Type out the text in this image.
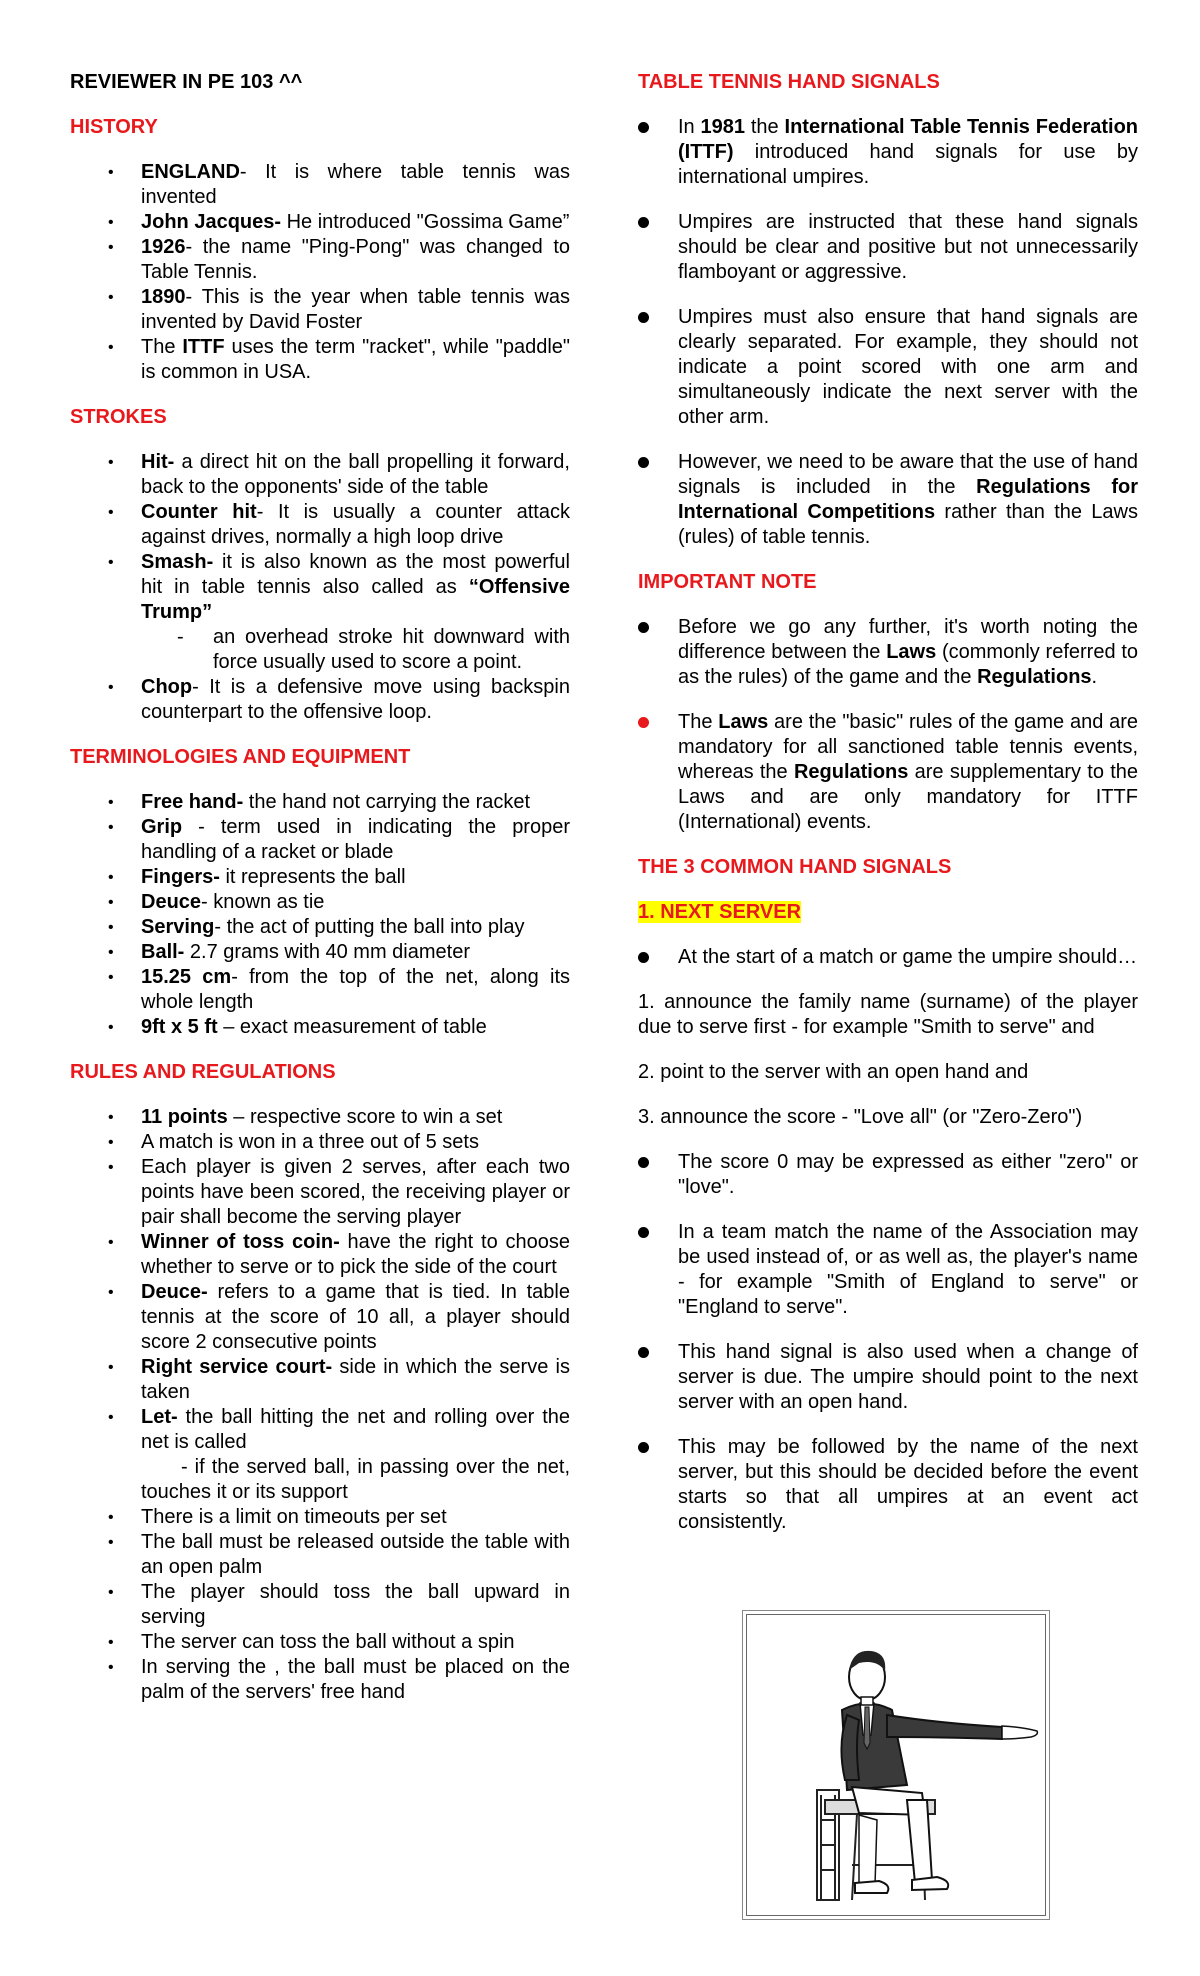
REVIEWER IN PE 103 ^^
HISTORY
• ENGLAND- It is where table tennis was invented
• John Jacques- He introduced "Gossima Game”
• 1926- the name "Ping-Pong" was changed to Table Tennis.
• 1890- This is the year when table tennis was invented by David Foster
• The ITTF uses the term "racket", while "paddle" is common in USA.
STROKES
• Hit- a direct hit on the ball propelling it forward, back to the opponents' side of the table
• Counter hit- It is usually a counter attack against drives, normally a high loop drive
• Smash- it is also known as the most powerful hit in table tennis also called as “Offensive Trump”
- an overhead stroke hit downward with force usually used to score a point.
• Chop- It is a defensive move using backspin counterpart to the offensive loop.
TERMINOLOGIES AND EQUIPMENT
• Free hand- the hand not carrying the racket
• Grip - term used in indicating the proper handling of a racket or blade
• Fingers- it represents the ball
• Deuce- known as tie
• Serving- the act of putting the ball into play
• Ball- 2.7 grams with 40 mm diameter
• 15.25 cm- from the top of the net, along its whole length
• 9ft x 5 ft – exact measurement of table
RULES AND REGULATIONS
• 11 points – respective score to win a set
• A match is won in a three out of 5 sets
• Each player is given 2 serves, after each two points have been scored, the receiving player or pair shall become the serving player
• Winner of toss coin- have the right to choose whether to serve or to pick the side of the court
• Deuce- refers to a game that is tied. In table tennis at the score of 10 all, a player should score 2 consecutive points
• Right service court- side in which the serve is taken
• Let- the ball hitting the net and rolling over the net is called
- if the served ball, in passing over the net, touches it or its support
• There is a limit on timeouts per set
• The ball must be released outside the table with an open palm
• The player should toss the ball upward in serving
• The server can toss the ball without a spin
• In serving the , the ball must be placed on the palm of the servers' free hand
TABLE TENNIS HAND SIGNALS
In 1981 the International Table Tennis Federation (ITTF) introduced hand signals for use by international umpires.
Umpires are instructed that these hand signals should be clear and positive but not unnecessarily flamboyant or aggressive.
Umpires must also ensure that hand signals are clearly separated. For example, they should not indicate a point scored with one arm and simultaneously indicate the next server with the other arm.
However, we need to be aware that the use of hand signals is included in the Regulations for International Competitions rather than the Laws (rules) of table tennis.
IMPORTANT NOTE
Before we go any further, it's worth noting the difference between the Laws (commonly referred to as the rules) of the game and the Regulations.
The Laws are the "basic" rules of the game and are mandatory for all sanctioned table tennis events, whereas the Regulations are supplementary to the Laws and are only mandatory for ITTF (International) events.
THE 3 COMMON HAND SIGNALS
1. NEXT SERVER
At the start of a match or game the umpire should…
1. announce the family name (surname) of the player due to serve first - for example "Smith to serve" and
2. point to the server with an open hand and
3. announce the score - "Love all" (or "Zero-Zero")
The score 0 may be expressed as either "zero" or "love".
In a team match the name of the Association may be used instead of, or as well as, the player's name - for example "Smith of England to serve" or "England to serve".
This hand signal is also used when a change of server is due. The umpire should point to the next server with an open hand.
This may be followed by the name of the next server, but this should be decided before the event starts so that all umpires at an event act consistently.
